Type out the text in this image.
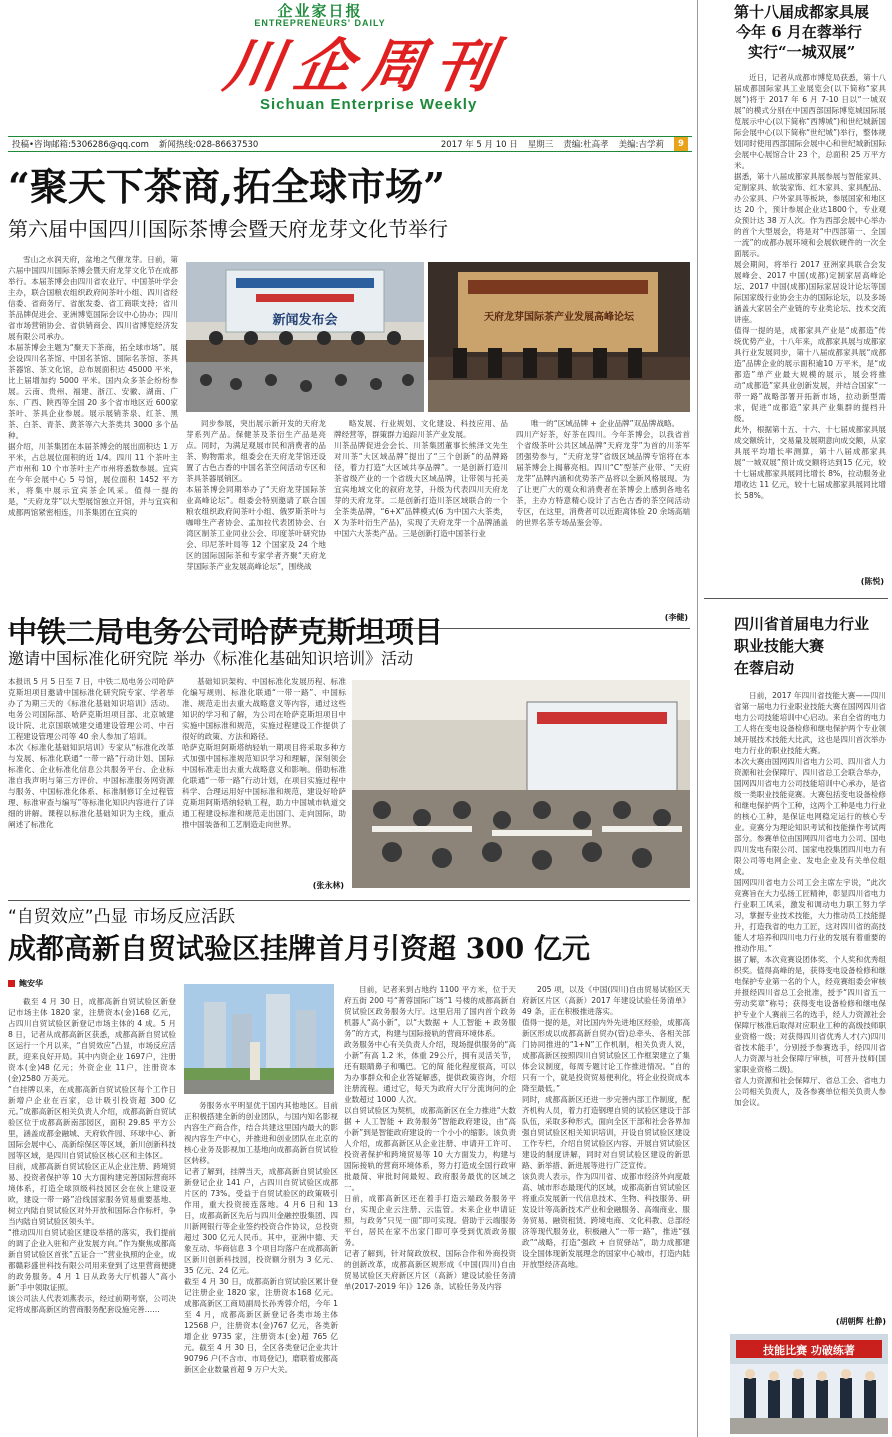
企业家日报
ENTREPRENEURS' DAILY
川企周刊
Sichuan Enterprise Weekly
投稿•咨询邮箱:5306286@qq.com 新闻热线:028-86637530	2017 年 5 月 10 日 星期三 责编:杜高孝 美编:吉学莉	9
“聚天下茶商,拓全球市场”
第六届中国四川国际茶博会暨天府龙芽文化节举行
雪山之水润天府，盆地之气催龙芽。日前，第六届中国四川国际茶博会暨天府龙芽文化节在成都举行。本届茶博会由四川省农业厅、中国茶叶学会主办，联合国粮农组织政府间茶叶小组、四川省经信委、省商务厅、省旅发委、省工商联支持；省川茶品牌促进会、亚洲博览国际会议中心协办；四川省市场营销协会、省供销商会、四川省博览经济发展有限公司承办。
本届茶博会主题为“聚天下茶商，拓全球市场”。展会设四川名茶馆、中国名茶馆、国际名茶馆、茶具茶器馆、茶文化馆，总布展面积达 45000 平米，比上届增加约 5000 平米。国内众多茶企纷纷参展。云南、贵州、福建、浙江、安徽、湖南、广东、广西、陕西等全国 20 多个省市地区近 600家茶叶、茶具企业参展。展示展销茶泉、红茶、黑茶、白茶、青茶、黄茶等六大茶类共 3000 多个品种。
据介绍，川茶集团在本届茶博会的展出面积达 1 万平米，占总展位面积的近 1/4。四川 11 个茶叶主产市州和 10 个市茶叶主产市州将悉数参展。宜宾在今年会展中心 5 号馆，展位面积 1452 平方米，将集中展示宜宾茶企风采。值得一提的是，“天府龙芽”以大型展馆独立开馆，并与宜宾和成都两馆紧密相连，川茶集团在宜宾的
新闻发布会	天府龙芽国际茶产业发展高峰论坛
同步参展，突出展示新开发的天府龙芽系列产品。保健茶及茶衍生产品是亮点。同时，为满足观展市民和消费者的品茶、购物需求，组委会在天府龙芽馆还设置了古色古香的中国名茶空间活动专区和茶具茶器展销区。
本届茶博会同期举办了“天府龙芽国际茶业高峰论坛”。组委会特别邀请了联合国粮农组织政府间茶叶小组、俄罗斯茶叶与咖啡生产者协会、孟加拉代表团协会、台湾区制茶工业同业公会、印度茶叶研究协会、印尼茶叶局等 12 个国家及 24 个地区的国际国际茶和专家学者齐聚“天府龙芽国际茶产业发展高峰论坛”，围绕战
略发展、行业规划、文化建设、科技应用、品牌经营等，群策群力追踪川茶产业发展。
川茶品牌促进会会长、川茶集团董事长熊泽文先生对川茶“大区域品牌”提出了“三个创新”的品牌路径，着力打造“大区域共享品牌”。一是创新打造川茶省级产业的一个省级大区域品牌，让带领与托美宜宾地域文化的叙府龙芽，升级为代表四川天府龙芽的天府龙芽。二是创新打造川茶区域联合的一个全茶类品牌，“6+X”品牌模式(6 为中国六大茶类，X 为茶叶衍生产品)，实现了天府龙芽一个品牌涵盖中国六大茶类产品。三是创新打造中国茶行业
唯一的“区域品牌 + 企业品牌”双品牌战略。
四川产好茶，好茶在四川。今年茶博会，以我省首个省级茶叶公共区域品牌“天府龙芽”为首的川茶军团强势参与，“天府龙芽”省级区域品牌专馆将在本届茶博会上揭幕亮相。四川“C”型茶产业带、“天府龙芽”品牌内涵和优势茶产品将以全新风格展现。为了让更广大的观众和消费者在茶博会上感到各地名茶，主办方特意精心设计了古色古香的茶空间活动专区，在这里，消费者可以近距离体验 20 余场高端的世界名茶专场品鉴会等。
(李健)
中铁二局电务公司哈萨克斯坦项目
邀请中国标准化研究院 举办《标准化基础知识培训》活动
本报讯 5 月 5 日至 7 日，中铁二局电务公司哈萨克斯坦项目邀请中国标准化研究院专家、学者举办了为期三天的《标准化基础知识培训》活动。电务公司国际部、哈萨克斯坦项目部、北京城建设计院、北京国联城建交通建设管理公司、中百工程建设管理公司等 40 余人参加了培训。
本次《标准化基础知识培训》专家从“标准化改革与发展、标准化联通“一带一路”行动计划、国际标准化、企业标准化信息公共服务平台、企业标准自我声明与第三方评价、中国标准服务网资源与服务、中国标准化体系、标准制修订全过程管理、标准审查与编写”等标准化知识内容进行了详细的讲解。课程以标准化基础知识为主线，重点阐述了标准化
基础知识架构、中国标准化发展历程、标准化编写规则、标准化联通“一带一路”、中国标准、规范走出去重大战略意义等内容，通过这些知识的学习和了解，为公司在哈萨克斯坦项目中实施中国标准和规范，实施过程建设工作提供了很好的政策、方法和路径。
哈萨克斯坦阿斯塔纳轻轨一期项目将采取多种方式加强中国标准规范知识学习和理解，深刻领会中国标准走出去重大战略意义和影响。借助标准化联通“一带一路”行动计划，在项目实施过程中科学、合理运用好中国标准和规范，建设好哈萨克斯坦阿斯塔纳轻轨工程，助力中国城市轨道交通工程建设标准和规范走出国门、走向国际，助推中国装备和工艺制造走向世界。
(张永林)
“自贸效应”凸显 市场反应活跃
成都高新自贸试验区挂牌首月引资超 300 亿元
鲍安华
截至 4 月 30 日，成都高新自贸试验区新登记市场主体 1820 家，注册资本(金)168 亿元，占四川自贸试验区新登记市场主体的 4 成。5 月 8 日，记者从成都高新区获悉，成都高新自贸试验区运行一个月以来，“自贸效应”凸显，市场反应活跃，迎来良好开局。其中内资企业 1697户，注册资本(金)48 亿元；外资企业 11户，注册资本(金)2580 万美元。
“自挂牌以来，在成都高新自贸试验区每个工作日新增户企业在百家，总计吸引投资超 300 亿元。”成都高新区相关负责人介绍，成都高新自贸试验区位于成都高新南部园区，面积 29.85 平方公里，涵盖成都金融城、天府软件园、环球中心、新国际会展中心、高新综保区等区域，新川创新科技园等区域，是四川自贸试验区核心区和主体区。
目前，成都高新自贸试验区正从企业注册、跨境贸易、投资者保护等 10 大方面构建完善国际营商环境体系，打造全球顶级科技园区会在伙上建设亚欧，建设一带一路”沿线国家服务贸易重要基地、树立内陆自贸试验区对外开放和国际合作标杆，争当内陆自贸试验区领头羊。
“推动四川自贸试验区建设举措的落实，我们提前的调了企业入驻和产业发展方向。”作为聚焦成都高新自贸试验区首张”五证合一”营业执照的企业，成都赣彩盛世科技有限公司用来登到了这里营商便捷的政务服务。4 月 1 日从政务大厅机器人“高小新”手中领取证照。
该公司法人代表刘燕表示，经过前期考察，公司决定将成都高新区的营商服务配套设施完善……
务服务水平明显优于国内其他地区。目前正积极搭建全新的创业团队，与国内知名影视内容生产商合作，结合共建这里国内最大的影视内容生产中心，并推进和创业团队在北京的核心业务及影视加工基地向成都高新自贸试验区转移。
记者了解到，挂牌当天，成都高新自贸试验区新登记企业 141 户，占四川自贸试验区成都片区的 73%。受益于自贸试验区的政策吸引作用，重大投资接连落地。4 月6 日和 13 日，成都高新区先后与四川金融控股集团、四川新网银行等企业签约投资合作协议，总投资超过 300 亿元人民币。其中，亚洲中德、天象互动、华商信息 3 个项目均落户在成都高新区新川创新科技园，投资额分别为 3 亿元、35 亿元、24 亿元。
截至 4 月 30 日，成都高新自贸试验区累计登记注册企业 1820 家，注册资本168 亿元。成都高新区工商局副局长孙秀蓉介绍，今年 1 至 4 月，成都高新区新登记各类市场主体 12568 户，注册资本(金)767 亿元，各类新增企业 9735 家，注册资本(金)超 765 亿元。截至 4 月 30 日，全区各类登记企业共计 90796 户(不含市、市局登记)，磨联着成都高新区企业数量首超 9 万户大关。
目前，记者来到占地约 1100 平方米，位于天府五街 200 号“菁蓉国际广场”1 号楼的成都高新自贸试验区政务服务大厅。这里启用了国内首个政务机器人“高小新”，以“大数据 + 人工智能 + 政务服务”的方式，构建与国际接轨的营商环境体系。
政务服务中心有关负责人介绍，现场提供服务的“高小新”有高 1.2 米，体重 29公斤，拥有灵活关节，还有眼睛鼻子和嘴巴。它的简 能化程度很高，可以为办事群众和企业答疑解惑，提供政策咨询，介绍注册流程。通过它，每天为政府大厅分流询问的企业数超过 1000 人次。
以自贸试验区为契机，成都高新区在全力推进“大数据 + 人工智能 + 政务服务”智能政府建设，由“高小新”到是智能政府建设的一个小小的缩影。该负责人介绍，成都高新区从企业注册、申请开工许可、投资者保护和跨境贸易等 10 大方面发力，构建与国际接轨的营商环境体系，努力打造成全国行政审批最简、审批时间最短、政府服务最优的区域之一。
日前，成都高新区还在着手打造云端政务服务平台，实现企业云注册、云监管。未来企业申请证照，与政务“只见一面”即可实现。借助于云端服务平台，居民在家不出家门即可享受到优质政务服务。
记者了解到，针对简政放权、国际合作和外商投资的创新改革，成都高新区规形成《中国(四川)自由贸易试验区天府新区片区（高新）建设试验任务清单(2017-2019 年)》126 条、试验任务及内容
205 项，以及《中国(四川)自由贸易试验区天府新区片区（高新）2017 年建设试验任务清单》49 条，正在积极推进落实。
值得一提的是，对比国内外先进地区经验，成都高新区形成以成都高新自贸办(管)总牵头、各相关部门协同推进的“1+N”工作机制，相关负责人说，成都高新区按照四川自贸试验区工作框架建立了集体会议制度，每周专题讨论工作推进情况。“自的只有一个，就是投资贸易便利化，将企业投资成本降至最低。”
同时，成都高新区还进一步完善内部工作制度，配齐机构人员，着力打造钢理自贸的试验区建设于部队伍，采取多种形式，面向全区干部和社会各界加强自贸试验区相关知识培训，开设自贸试验区建设工作专栏，介绍自贸试验区内容、开展自贸试验区建设的制度讲解，同时对自贸试验区建设的新思路、新举措、新进展等进行广泛宣传。
该负责人表示，作为四川省、成都市经济外向度最高、城市形态最现代的区域，成都高新自贸试验区将重点发展新一代信息技术、生物、科技服务、研发设计等高新技术产业和金融服务、高端商业、服务贸易、融资租赁、跨境电商、文化科教、总部经济等现代服务业，积极融入“一带一路”，推进“强政”“战略，打造“强政 + 自贸驿站”，助力成都建设全国体现新发展理念的国家中心城市，打造内陆开放型经济高地。
第十八届成都家具展
今年 6 月在蓉举行
实行“一城双展”
近日，记者从成都市博览局获悉，第十八届成都国际家具工业展览会(以下简称“家具展”)将于 2017 年 6 月 7-10 日以“一城双展”的模式分别在中国西部国际博览城国际展览展示中心(以下简称“西博城”)和世纪城新国际会展中心(以下简称“世纪城”)举行，整体规划同时使用西部国际会展中心和世纪城新国际会展中心展馆合计 23 个，总面积 25 万平方米。
据悉，第十八届成都家具展参展与智能家具、定制家具、软装家饰、红木家具、家具配品、办公家具、户外家具等板块，参展国家和地区达 20 个，预计参展企业达1800个，专业观众预计达 38 万人次。作为西部会展中心举办的首个大型展会，将是对“中西部第一、全国一流”的成都办展环境和会展软硬件的一次全面展示。
展会期间，将举行 2017 亚洲家具联合会发展峰会、2017 中国(成都)定制家居高峰论坛、2017 中国(成都)国际家居设计论坛等国际国家级行业协会主办的国际论坛，以及多场涵盖大家居全产业链的专业类论坛、技术交流讲座。
值得一提的是，成都家具产业是“成都造”传统优势产业，十八年来，成都家具展与成都家具行业发展同步，第十八届成都家具展“成都造”品牌企业的展示面积逾10 万平米，是“成都造”单产业最大规模的展示，展会将推动“成都造”家具业创新发展，并结合国家“一带一路”战略部署开拓新市场，拉动新型需求，促进“成都造”家具产业集群的提档升级。
此外，根据第十五、十六、十七届成都家具展成交额统计，交易量及展期意向成交额，从家具展平均增长率测算，第十八届成都家具展“一城双展”预计成交额将达到15 亿元，较十七届成都家具展同比增长 8%，拉动服务业增收达 11 亿元，较十七届成都家具展同比增长 58%。
(陈悦)
四川省首届电力行业
职业技能大赛
在蓉启动
日前，2017 年四川省技能大赛——四川省第一届电力行业职业技能大赛在国网四川省电力公司技能培训中心启动。来自全省的电力工人将在变电设备检修和继电保护两个专业领域开展技术技能大比武，这也是四川首次举办电力行业的职业技能大赛。
本次大赛由国网四川省电力公司、四川省人力资源和社会保障厅、四川省总工会联合举办，国网四川省电力公司技能培训中心承办，是省级一类职业技能竞赛。大赛包括变电设备检修和继电保护两个工种，这两个工种是电力行业的核心工种，是保证电网稳定运行的核心专业。竞赛分为理论知识考试和技能操作考试两部分。参赛单位由国网四川省电力公司、国电四川发电有限公司、国家电投集团四川电力有限公司等电网企业、发电企业及有关单位组成。
国网四川省电力公司工会主席左宇说，“此次竞赛旨在大力弘扬工匠精神，彰显四川省电力行业职工风采，激发和调动电力职工努力学习，掌握专业技术技能，大力推动员工技能提升，打造我省的电力工匠，这对四川省的高技能人才培养和四川电力行业的发展有着重要的推动作用。”
据了解，本次竞赛设团体奖、个人奖和优秀组织奖。值得高峰的是，获得变电设备检修和继电保护专业第一名的个人，经竞赛组委会审核并报经四川省总工会批准，授予“四川省五一劳动奖章”称号；获得变电设备检修和继电保护专业个人赛前三名的选手，经人力资源社会保障厅核准后取得对应职业工种的高级技师职业资格一级；对获得四川省优秀人才(六)四川省技术能手'，分别授予参赛选手，经四川省人力资源与社会保障厅审核，可晋升技师(国家职业资格二级)。
省人力资源和社会保障厅、省总工会、省电力公司相关负责人，及各参赛单位相关负责人参加会议。
(胡朝辉 杜静)
技能比赛 功破练著
